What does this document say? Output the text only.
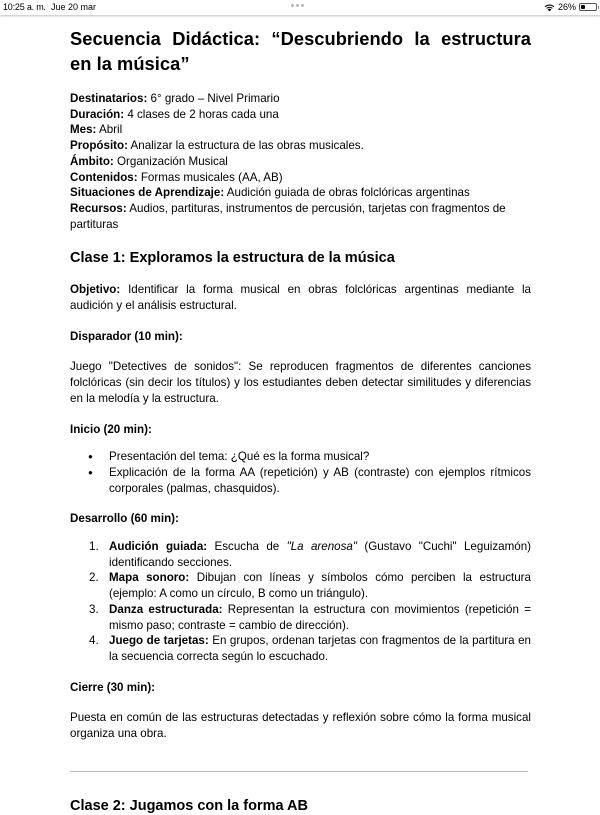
10:25 a. m. Jue 20 mar	26%
Secuencia Didáctica: “Descubriendo la estructura
en la música”

Destinatarios: 6° grado – Nivel Primario

Duración: 4 clases de 2 horas cada una

Mes: Abril

Propósito: Analizar la estructura de las obras musicales.

Ámbito: Organización Musical

Contenidos: Formas musicales (AA, AB)

Situaciones de Aprendizaje: Audición guiada de obras folclóricas argentinas

Recursos: Audios, partituras, instrumentos de percusión, tarjetas con fragmentos de partituras

Clase 1: Exploramos la estructura de la música

Objetivo: Identificar la forma musical en obras folclóricas argentinas mediante la audición y el análisis estructural.

Disparador (10 min):

Juego "Detectives de sonidos": Se reproducen fragmentos de diferentes canciones folclóricas (sin decir los títulos) y los estudiantes deben detectar similitudes y diferencias en la melodía y la estructura.

Inicio (20 min):

● Presentación del tema: ¿Qué es la forma musical?
● Explicación de la forma AA (repetición) y AB (contraste) con ejemplos rítmicos corporales (palmas, chasquidos).

Desarrollo (60 min):

1. Audición guiada: Escucha de "La arenosa" (Gustavo "Cuchi" Leguizamón) identificando secciones.
2. Mapa sonoro: Dibujan con líneas y símbolos cómo perciben la estructura (ejemplo: A como un círculo, B como un triángulo).
3. Danza estructurada: Representan la estructura con movimientos (repetición = mismo paso; contraste = cambio de dirección).
4. Juego de tarjetas: En grupos, ordenan tarjetas con fragmentos de la partitura en la secuencia correcta según lo escuchado.

Cierre (30 min):

Puesta en común de las estructuras detectadas y reflexión sobre cómo la forma musical organiza una obra.

Clase 2: Jugamos con la forma AB
